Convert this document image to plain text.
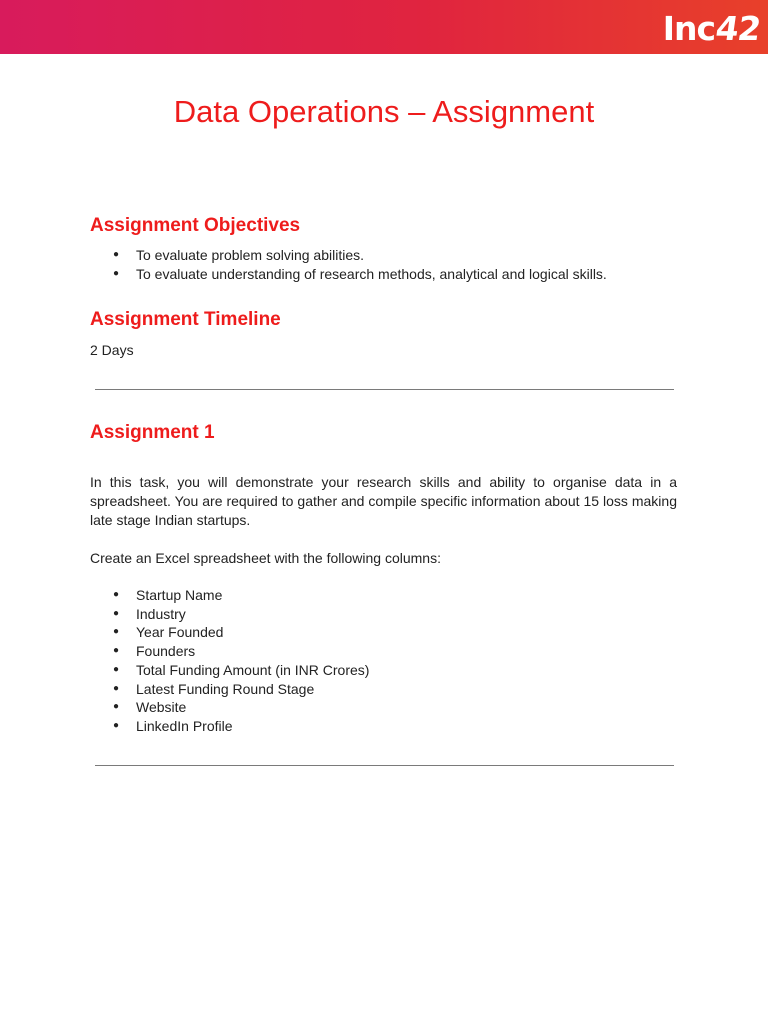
Inc
42
Data Operations – Assignment
Assignment Objectives
● To evaluate problem solving abilities.
● To evaluate understanding of research methods, analytical and logical skills.
Assignment Timeline

2 Days

Assignment 1

In this task, you will demonstrate your research skills and ability to organise data in a spreadsheet. You are required to gather and compile specific information about 15 loss making late stage Indian startups.

Create an Excel spreadsheet with the following columns:

● Startup Name
● Industry
● Year Founded
● Founders
● Total Funding Amount (in INR Crores)
● Latest Funding Round Stage
● Website
● LinkedIn Profile
